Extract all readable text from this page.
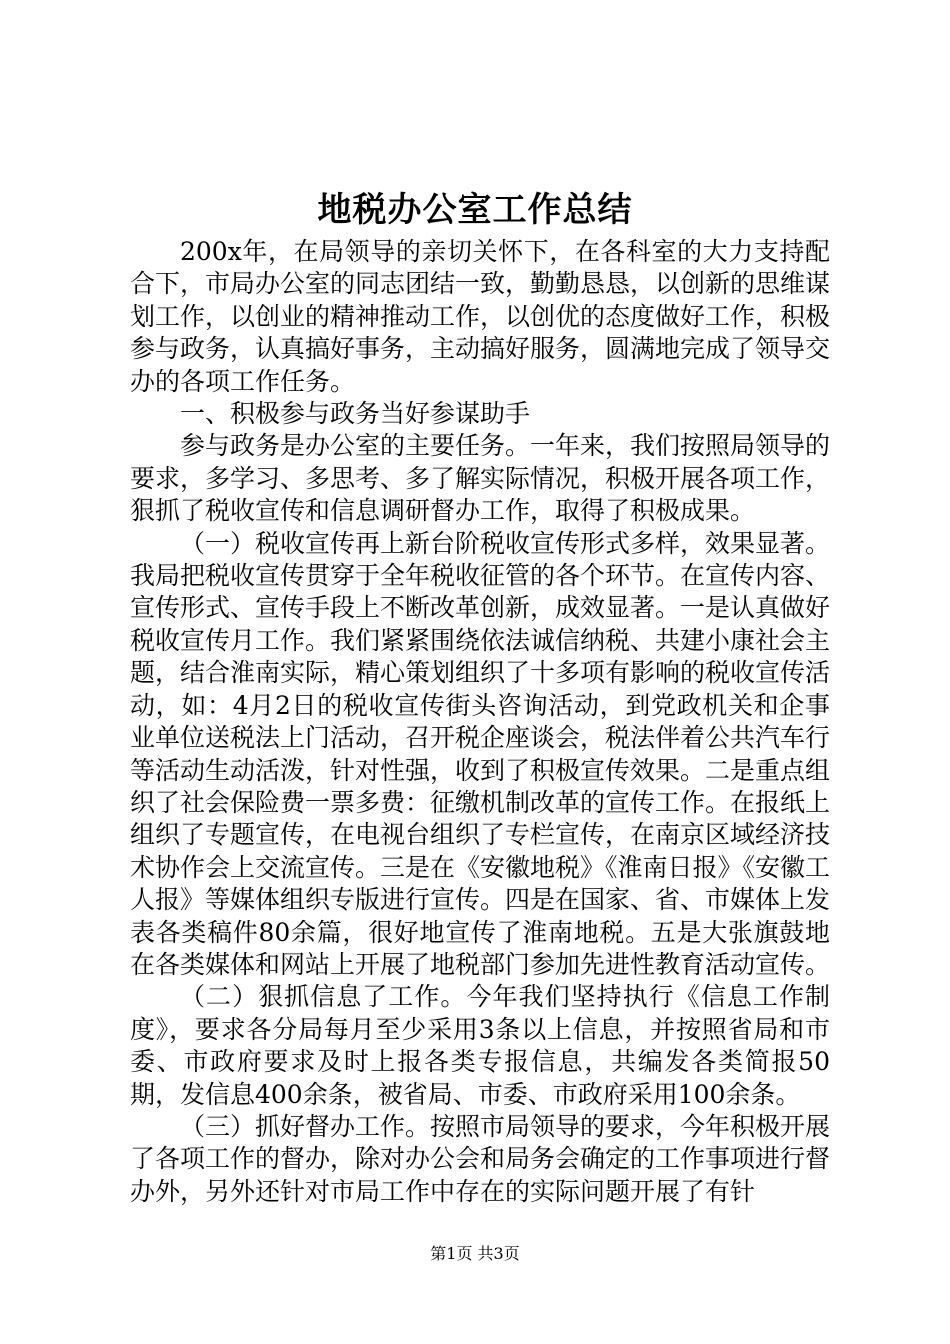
地税办公室工作总结

200x年，在局领导的亲切关怀下，在各科室的大力支持配合下，市局办公室的同志团结一致，勤勤恳恳，以创新的思维谋划工作，以创业的精神推动工作，以创优的态度做好工作，积极参与政务，认真搞好事务，主动搞好服务，圆满地完成了领导交办的各项工作任务。

一、积极参与政务当好参谋助手

参与政务是办公室的主要任务。一年来，我们按照局领导的要求，多学习、多思考、多了解实际情况，积极开展各项工作，狠抓了税收宣传和信息调研督办工作，取得了积极成果。

（一）税收宣传再上新台阶税收宣传形式多样，效果显著。我局把税收宣传贯穿于全年税收征管的各个环节。在宣传内容、宣传形式、宣传手段上不断改革创新，成效显著。一是认真做好税收宣传月工作。我们紧紧围绕依法诚信纳税、共建小康社会主题，结合淮南实际，精心策划组织了十多项有影响的税收宣传活动，如：4月2日的税收宣传街头咨询活动，到党政机关和企事业单位送税法上门活动，召开税企座谈会，税法伴着公共汽车行等活动生动活泼，针对性强，收到了积极宣传效果。二是重点组织了社会保险费一票多费：征缴机制改革的宣传工作。在报纸上组织了专题宣传，在电视台组织了专栏宣传，在南京区域经济技术协作会上交流宣传。三是在《安徽地税》《淮南日报》《安徽工人报》等媒体组织专版进行宣传。四是在国家、省、市媒体上发表各类稿件80余篇，很好地宣传了淮南地税。五是大张旗鼓地在各类媒体和网站上开展了地税部门参加先进性教育活动宣传。

（二）狠抓信息了工作。今年我们坚持执行《信息工作制度》，要求各分局每月至少采用3条以上信息，并按照省局和市委、市政府要求及时上报各类专报信息，共编发各类简报50期，发信息400余条，被省局、市委、市政府采用100余条。

（三）抓好督办工作。按照市局领导的要求，今年积极开展了各项工作的督办，除对办公会和局务会确定的工作事项进行督办外，另外还针对市局工作中存在的实际问题开展了有针

第1页 共3页
